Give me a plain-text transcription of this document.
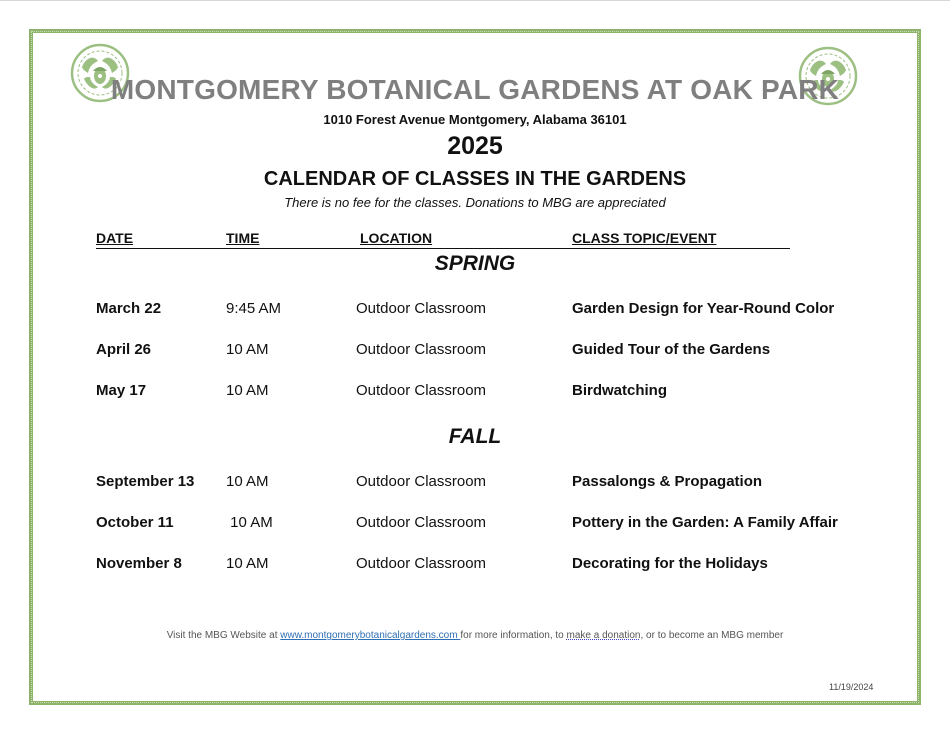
MONTGOMERY BOTANICAL GARDENS AT OAK PARK
1010 Forest Avenue Montgomery, Alabama 36101
2025
CALENDAR OF CLASSES IN THE GARDENS
There is no fee for the classes. Donations to MBG are appreciated
DATE	TIME	LOCATION	CLASS TOPIC/EVENT
SPRING
March 22	9:45 AM	Outdoor Classroom	Garden Design for Year-Round Color
April 26	10 AM	Outdoor Classroom	Guided Tour of the Gardens
May 17	10 AM	Outdoor Classroom	Birdwatching
FALL
September 13 10 AM	Outdoor Classroom	Passalongs & Propagation
October 11	10 AM	Outdoor Classroom	Pottery in the Garden: A Family Affair
November 8	10 AM	Outdoor Classroom	Decorating for the Holidays
Visit the MBG Website at www.montgomerybotanicalgardens.com for more information, to make a donation, or to become an MBG member
11/19/2024
